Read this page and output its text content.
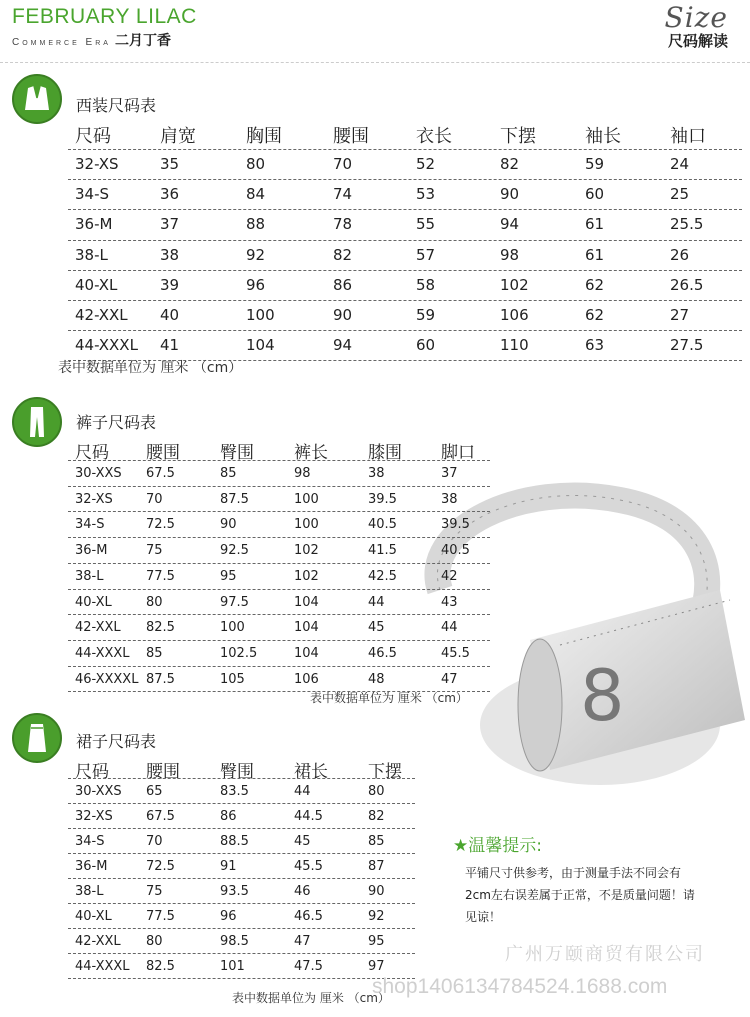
FEBRUARY LILAC
Commerce Era 二月丁香
Size
尺码解读
8
西装尺码表
裤子尺码表
裙子尺码表
尺码	肩宽	胸围	腰围	衣长	下摆	袖长	袖口
32-XS	35	80	70	52	82	59	24
34-S	36	84	74	53	90	60	25
36-M	37	88	78	55	94	61	25.5
38-L	38	92	82	57	98	61	26
40-XL	39	96	86	58	102	62	26.5
42-XXL 40	100	90	59	106	62	27
44-XXXL 41	104	94	60	110	63	27.5
表中数据单位为 厘米 （cm）
尺码 腰围 臀围 裤长 膝围 脚口
30-XXS 67.5	85	98	38	37
32-XS	70	87.5	100	39.5	38
34-S	72.5	90	100	40.5	39.5
36-M	75	92.5	102	41.5	40.5
38-L	77.5	95	102	42.5	42
40-XL	80	97.5	104	44	43
42-XXL 82.5	100	104	45	44
44-XXXL 85	102.5	104	46.5	45.5
46-XXXXL 87.5	105	106	48	47
表中数据单位为 厘米 （cm）
尺码 腰围 臀围 裙长 下摆
30-XXS 65	83.5	44	80
32-XS	67.5	86	44.5	82
34-S	70	88.5	45	85
36-M	72.5	91	45.5	87
38-L	75	93.5	46	90
40-XL	77.5	96	46.5	92
42-XXL 80	98.5	47	95
44-XXXL 82.5	101	47.5	97
表中数据单位为 厘米 （cm）
★温馨提示:
平铺尺寸供参考，由于测量手法不同会有2cm左右误差属于正常，不是质量问题！请见谅！
广州万颐商贸有限公司
shop1406134784524.1688.com
